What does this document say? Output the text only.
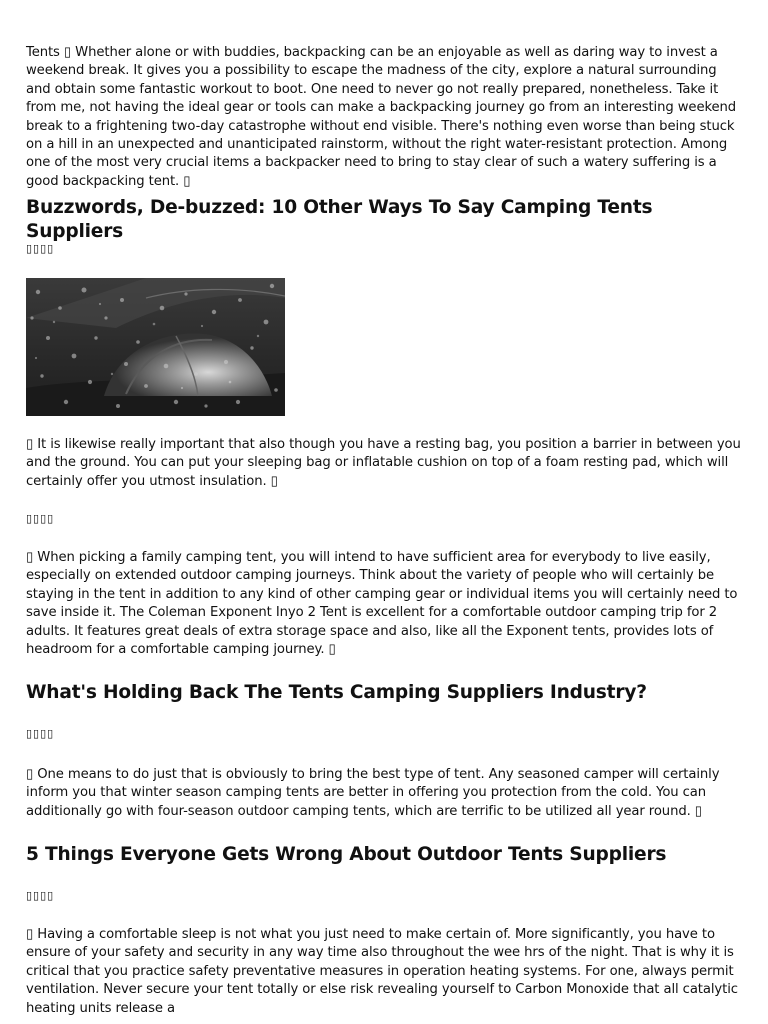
Tents ▯ Whether alone or with buddies, backpacking can be an enjoyable as well as daring way to invest a weekend break. It gives you a possibility to escape the madness of the city, explore a natural surrounding and obtain some fantastic workout to boot. One need to never go not really prepared, nonetheless. Take it from me, not having the ideal gear or tools can make a backpacking journey go from an interesting weekend break to a frightening two-day catastrophe without end visible. There's nothing even worse than being stuck on a hill in an unexpected and unanticipated rainstorm, without the right water-resistant protection. Among one of the most very crucial items a backpacker need to bring to stay clear of such a watery suffering is a good backpacking tent. ▯

Buzzwords, De-buzzed: 10 Other Ways To Say Camping Tents Suppliers

▯▯▯▯

▯ It is likewise really important that also though you have a resting bag, you position a barrier in between you and the ground. You can put your sleeping bag or inflatable cushion on top of a foam resting pad, which will certainly offer you utmost insulation. ▯

▯▯▯▯

▯ When picking a family camping tent, you will intend to have sufficient area for everybody to live easily, especially on extended outdoor camping journeys. Think about the variety of people who will certainly be staying in the tent in addition to any kind of other camping gear or individual items you will certainly need to save inside it. The Coleman Exponent Inyo 2 Tent is excellent for a comfortable outdoor camping trip for 2 adults. It features great deals of extra storage space and also, like all the Exponent tents, provides lots of headroom for a comfortable camping journey. ▯

What's Holding Back The Tents Camping Suppliers Industry?

▯▯▯▯

▯ One means to do just that is obviously to bring the best type of tent. Any seasoned camper will certainly inform you that winter season camping tents are better in offering you protection from the cold. You can additionally go with four-season outdoor camping tents, which are terrific to be utilized all year round. ▯

5 Things Everyone Gets Wrong About Outdoor Tents Suppliers

▯▯▯▯

▯ Having a comfortable sleep is not what you just need to make certain of. More significantly, you have to ensure of your safety and security in any way time also throughout the wee hrs of the night. That is why it is critical that you practice safety preventative measures in operation heating systems. For one, always permit ventilation. Never secure your tent totally or else risk revealing yourself to Carbon Monoxide that all catalytic heating units release a
